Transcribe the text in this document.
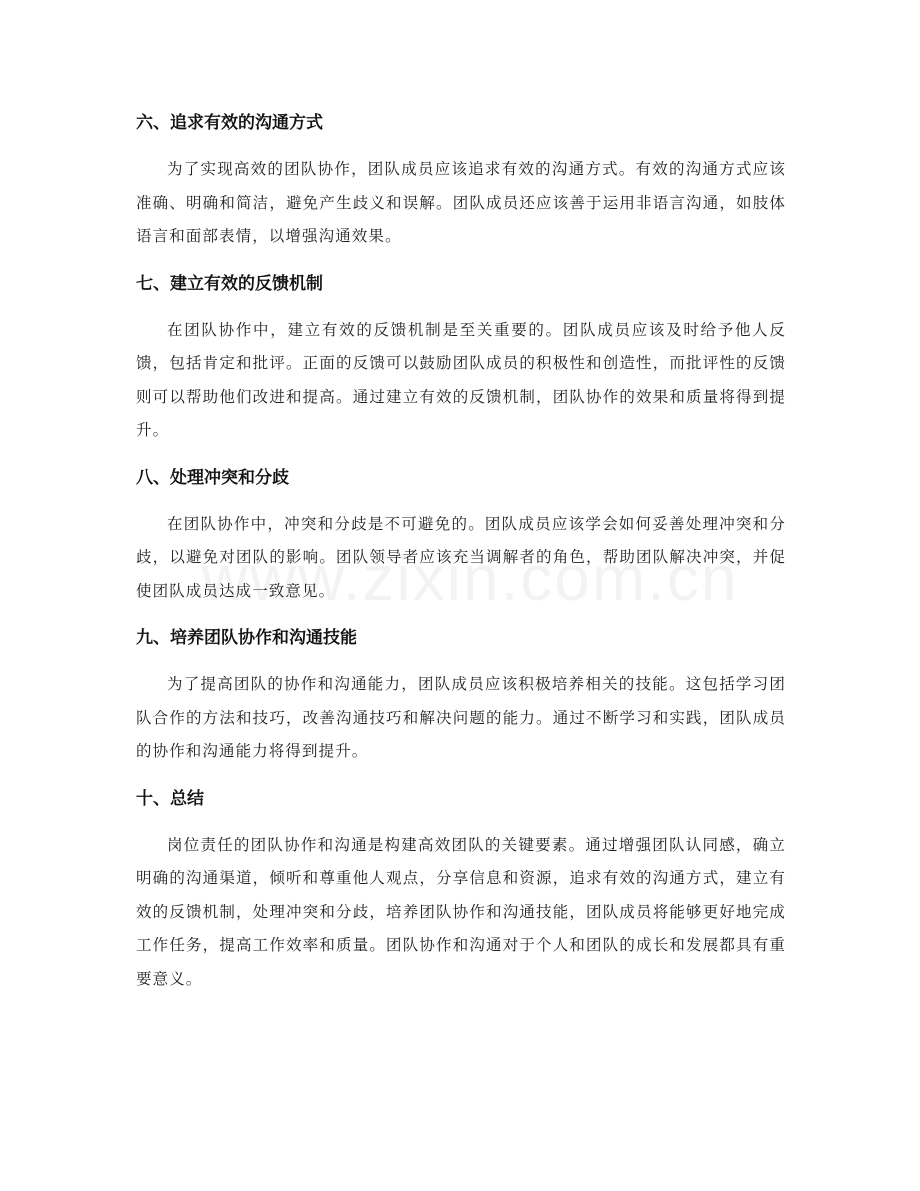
六、追求有效的沟通方式

为了实现高效的团队协作，团队成员应该追求有效的沟通方式。有效的沟通方式应该准确、明确和简洁，避免产生歧义和误解。团队成员还应该善于运用非语言沟通，如肢体语言和面部表情，以增强沟通效果。

七、建立有效的反馈机制

在团队协作中，建立有效的反馈机制是至关重要的。团队成员应该及时给予他人反馈，包括肯定和批评。正面的反馈可以鼓励团队成员的积极性和创造性，而批评性的反馈则可以帮助他们改进和提高。通过建立有效的反馈机制，团队协作的效果和质量将得到提升。

八、处理冲突和分歧

在团队协作中，冲突和分歧是不可避免的。团队成员应该学会如何妥善处理冲突和分歧，以避免对团队的影响。团队领导者应该充当调解者的角色，帮助团队解决冲突，并促使团队成员达成一致意见。

九、培养团队协作和沟通技能

为了提高团队的协作和沟通能力，团队成员应该积极培养相关的技能。这包括学习团队合作的方法和技巧，改善沟通技巧和解决问题的能力。通过不断学习和实践，团队成员的协作和沟通能力将得到提升。

十、总结

岗位责任的团队协作和沟通是构建高效团队的关键要素。通过增强团队认同感，确立明确的沟通渠道，倾听和尊重他人观点，分享信息和资源，追求有效的沟通方式，建立有效的反馈机制，处理冲突和分歧，培养团队协作和沟通技能，团队成员将能够更好地完成工作任务，提高工作效率和质量。团队协作和沟通对于个人和团队的成长和发展都具有重要意义。
